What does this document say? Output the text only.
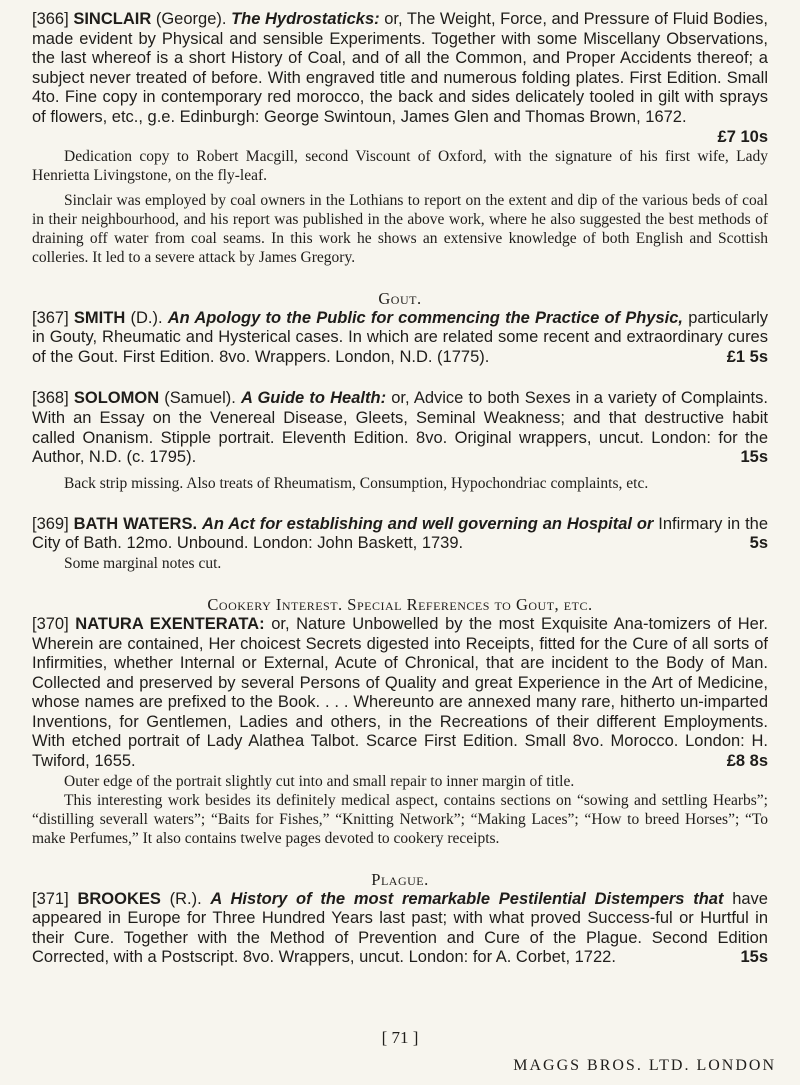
[366] SINCLAIR (George). The Hydrostaticks: or, The Weight, Force, and Pressure of Fluid Bodies, made evident by Physical and sensible Experiments. Together with some Miscellany Observations, the last whereof is a short History of Coal, and of all the Common, and Proper Accidents thereof; a subject never treated of before. With engraved title and numerous folding plates. First Edition. Small 4to. Fine copy in contemporary red morocco, the back and sides delicately tooled in gilt with sprays of flowers, etc., g.e. Edinburgh: George Swintoun, James Glen and Thomas Brown, 1672.

£7 10s

Dedication copy to Robert Macgill, second Viscount of Oxford, with the signature of his first wife, Lady Henrietta Livingstone, on the fly-leaf.

Sinclair was employed by coal owners in the Lothians to report on the extent and dip of the various beds of coal in their neighbourhood, and his report was published in the above work, where he also suggested the best methods of draining off water from coal seams. In this work he shows an extensive knowledge of both English and Scottish colleries. It led to a severe attack by James Gregory.

Gout.

[367] SMITH (D.). An Apology to the Public for commencing the Practice of Physic, particularly in Gouty, Rheumatic and Hysterical cases. In which are related some recent and extraordinary cures of the Gout. First Edition. 8vo. Wrappers. London, N.D. (1775).	£1 5s

[368] SOLOMON (Samuel). A Guide to Health: or, Advice to both Sexes in a variety of Complaints. With an Essay on the Venereal Disease, Gleets, Seminal Weakness; and that destructive habit called Onanism. Stipple portrait. Eleventh Edition. 8vo. Original wrappers, uncut. London: for the Author, N.D. (c. 1795).	15s

Back strip missing. Also treats of Rheumatism, Consumption, Hypochondriac complaints, etc.

[369] BATH WATERS. An Act for establishing and well governing an Hospital or Infirmary in the City of Bath. 12mo. Unbound. London: John Baskett, 1739.	5s

Some marginal notes cut.

Cookery Interest. Special References to Gout, etc.

[370] NATURA EXENTERATA: or, Nature Unbowelled by the most Exquisite Ana-tomizers of Her. Wherein are contained, Her choicest Secrets digested into Receipts, fitted for the Cure of all sorts of Infirmities, whether Internal or External, Acute of Chronical, that are incident to the Body of Man. Collected and preserved by several Persons of Quality and great Experience in the Art of Medicine, whose names are prefixed to the Book. . . . Whereunto are annexed many rare, hitherto un-imparted Inventions, for Gentlemen, Ladies and others, in the Recreations of their different Employments. With etched portrait of Lady Alathea Talbot. Scarce First Edition. Small 8vo. Morocco. London: H. Twiford, 1655.	£8 8s

Outer edge of the portrait slightly cut into and small repair to inner margin of title.

This interesting work besides its definitely medical aspect, contains sections on “sowing and settling Hearbs”; “distilling severall waters”; “Baits for Fishes,” “Knitting Network”; “Making Laces”; “How to breed Horses”; “To make Perfumes,” It also contains twelve pages devoted to cookery receipts.

Plague.

[371] BROOKES (R.). A History of the most remarkable Pestilential Distempers that have appeared in Europe for Three Hundred Years last past; with what proved Success-ful or Hurtful in their Cure. Together with the Method of Prevention and Cure of the Plague. Second Edition Corrected, with a Postscript. 8vo. Wrappers, uncut. London: for A. Corbet, 1722.	15s

[ 71 ]
MAGGS BROS. LTD. LONDON
